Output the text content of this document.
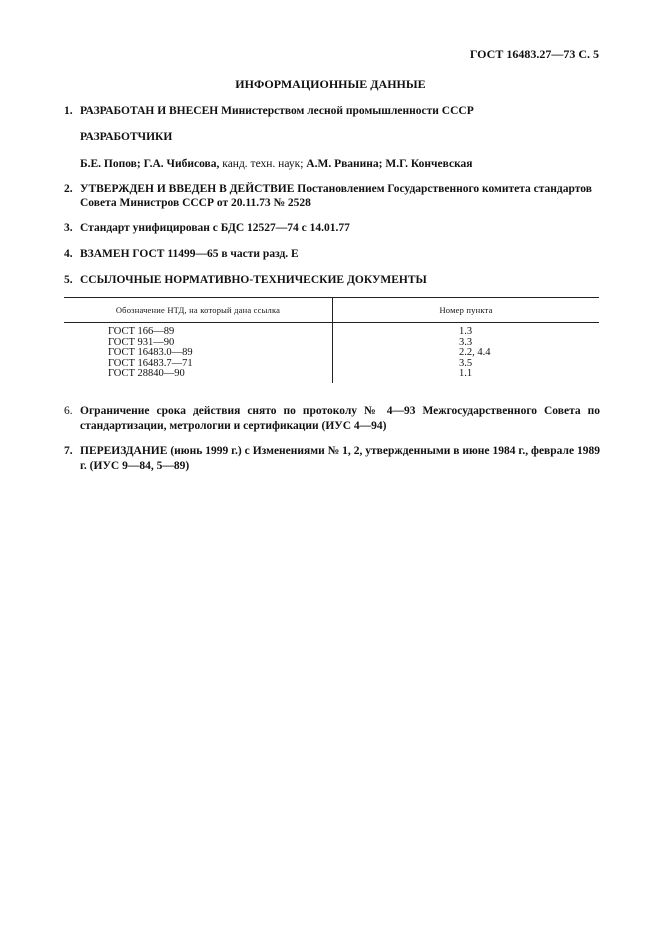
ГОСТ 16483.27—73 С. 5
ИНФОРМАЦИОННЫЕ ДАННЫЕ
1. РАЗРАБОТАН И ВНЕСЕН Министерством лесной промышленности СССР
РАЗРАБОТЧИКИ
Б.Е. Попов; Г.А. Чибисова, канд. техн. наук; А.М. Рванина; М.Г. Кончевская
2. УТВЕРЖДЕН И ВВЕДЕН В ДЕЙСТВИЕ Постановлением Государственного комитета стандартов
Совета Министров СССР от 20.11.73 № 2528
3. Стандарт унифицирован с БДС 12527—74 с 14.01.77
4. ВЗАМЕН ГОСТ 11499—65 в части разд. Е
5. ССЫЛОЧНЫЕ НОРМАТИВНО-ТЕХНИЧЕСКИЕ ДОКУМЕНТЫ
Обозначение НТД, на который дана ссылка	Номер пункта
ГОСТ 166—89	1.3
ГОСТ 931—90	3.3
ГОСТ 16483.0—89	2.2, 4.4
ГОСТ 16483.7—71	3.5
ГОСТ 28840—90	1.1
6. Ограничение срока действия снято по протоколу № 4—93 Межгосударственного Совета по стандартизации, метрологии и сертификации (ИУС 4—94)
7. ПЕРЕИЗДАНИЕ (июнь 1999 г.) с Изменениями № 1, 2, утвержденными в июне 1984 г., феврале 1989 г. (ИУС 9—84, 5—89)
